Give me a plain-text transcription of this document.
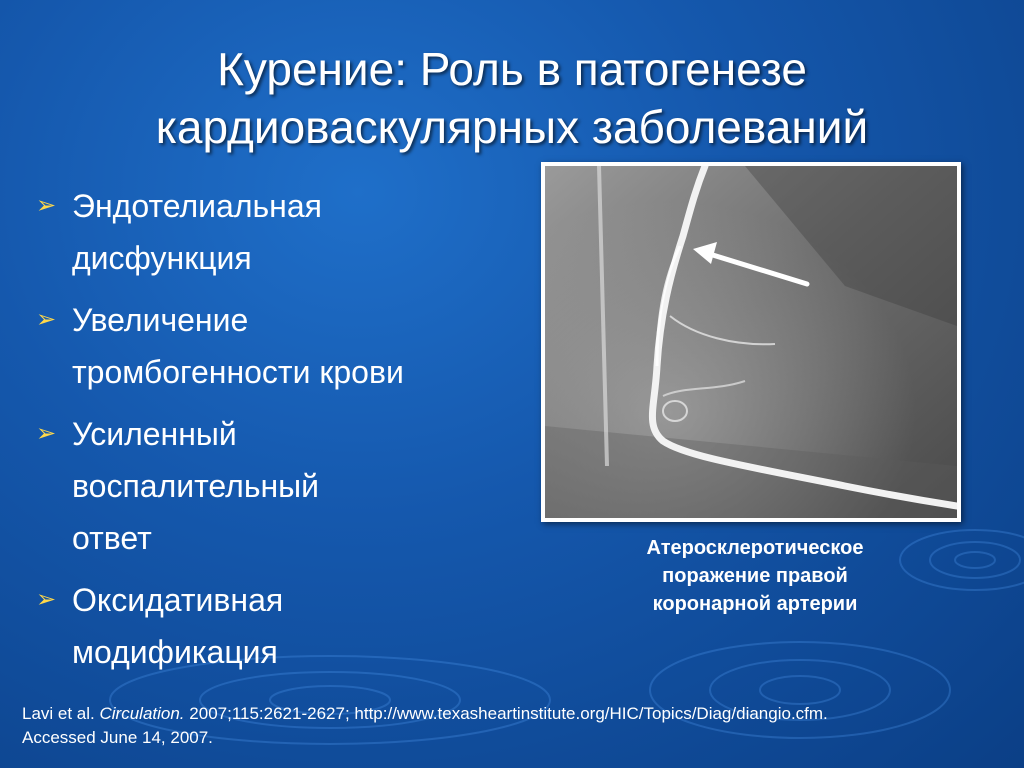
Курение: Роль в патогенезе
кардиоваскулярных заболеваний
➢ Эндотелиальная
дисфункция
➢ Увеличение
тромбогенности крови
➢ Усиленный
воспалительный
ответ
➢ Оксидативная
модификация
Атеросклеротическое
поражение правой
коронарной артерии
Lavi et al. Circulation. 2007;115:2621-2627; http://www.texasheartinstitute.org/HIC/Topics/Diag/diangio.cfm.
Accessed June 14, 2007.
